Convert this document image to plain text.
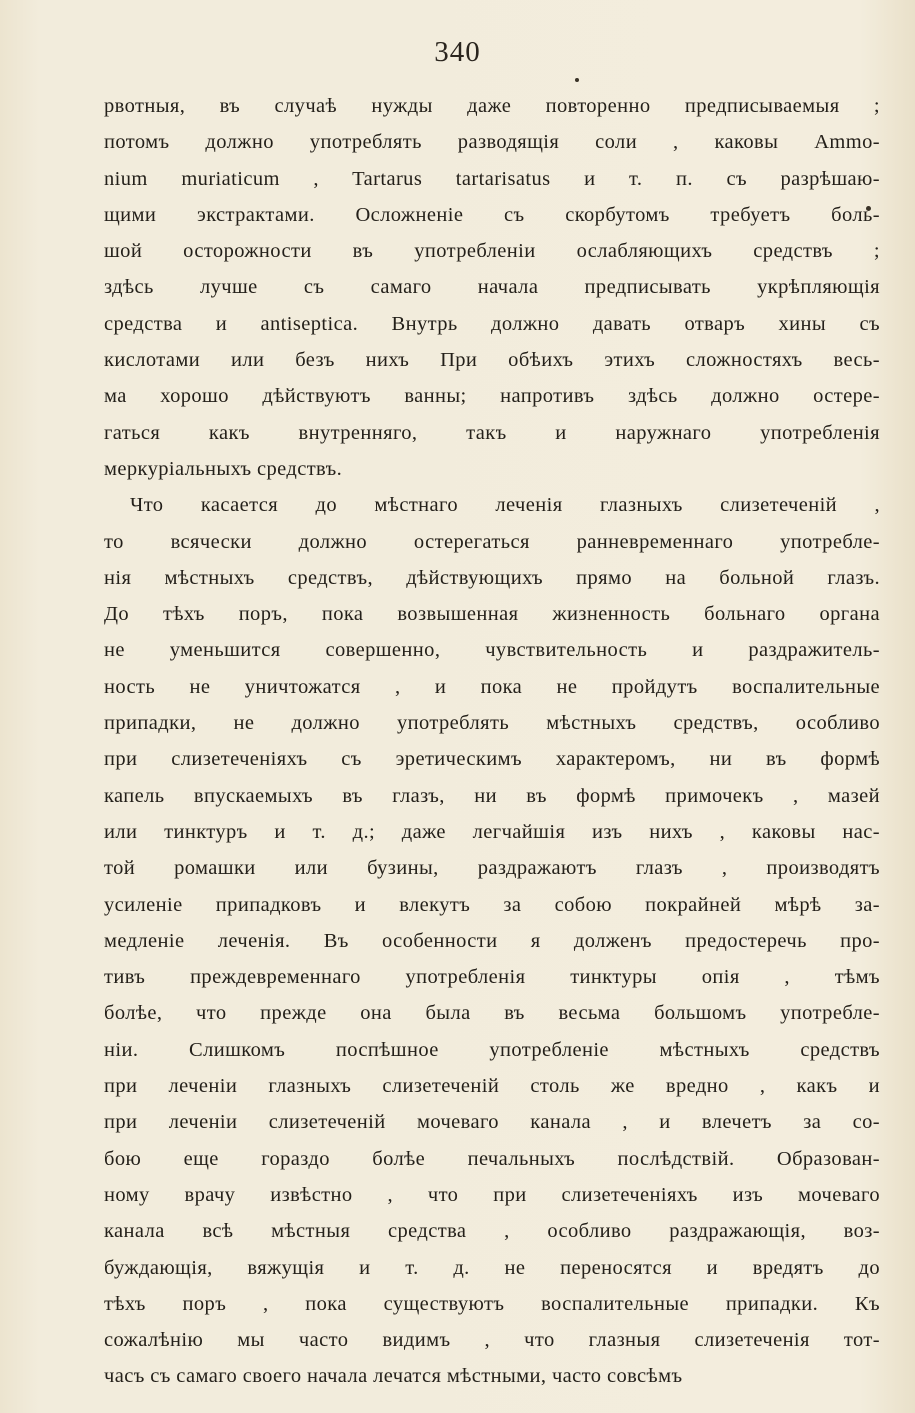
340
рвотныя, въ случаѣ нужды даже повторенно предписываемыя ;
потомъ должно употреблять разводящія соли , каковы Ammo-
nium muriaticum , Tartarus tartarisatus и т. п. съ разрѣшаю-
щими экстрактами. Осложненіе съ скорбутомъ требуетъ боль-
шой осторожности въ употребленіи ослабляющихъ средствъ ;
здѣсь лучше съ самаго начала предписывать укрѣпляющія
средства и antiseptica. Внутрь должно давать отваръ хины съ
кислотами или безъ нихъ При обѣихъ этихъ сложностяхъ весь-
ма хорошо дѣйствуютъ ванны; напротивъ здѣсь должно остере-
гаться какъ внутренняго, такъ и наружнаго употребленія
меркуріальныхъ средствъ.
Что касается до мѣстнаго леченія глазныхъ слизетеченій ,
то всячески должно остерегаться ранневременнаго употребле-
нія мѣстныхъ средствъ, дѣйствующихъ прямо на больной глазъ.
До тѣхъ поръ, пока возвышенная жизненность больнаго органа
не уменьшится совершенно, чувствительность и раздражитель-
ность не уничтожатся , и пока не пройдутъ воспалительные
припадки, не должно употреблять мѣстныхъ средствъ, особливо
при слизетеченіяхъ съ эретическимъ характеромъ, ни въ формѣ
капель впускаемыхъ въ глазъ, ни въ формѣ примочекъ , мазей
или тинктуръ и т. д.; даже легчайшія изъ нихъ , каковы нас-
той ромашки или бузины, раздражаютъ глазъ , производятъ
усиленіе припадковъ и влекутъ за собою покрайней мѣрѣ за-
медленіе леченія. Въ особенности я долженъ предостеречь про-
тивъ преждевременнаго употребленія тинктуры опія , тѣмъ
болѣе, что прежде она была въ весьма большомъ употребле-
ніи. Слишкомъ поспѣшное употребленіе мѣстныхъ средствъ
при леченіи глазныхъ слизетеченій столь же вредно , какъ и
при леченіи слизетеченій мочеваго канала , и влечетъ за со-
бою еще гораздо болѣе печальныхъ послѣдствій. Образован-
ному врачу извѣстно , что при слизетеченіяхъ изъ мочеваго
канала всѣ мѣстныя средства , особливо раздражающія, воз-
буждающія, вяжущія и т. д. не переносятся и вредятъ до
тѣхъ поръ , пока существуютъ воспалительные припадки. Къ
сожалѣнію мы часто видимъ , что глазныя слизетеченія тот-
часъ съ самаго своего начала лечатся мѣстными, часто совсѣмъ
